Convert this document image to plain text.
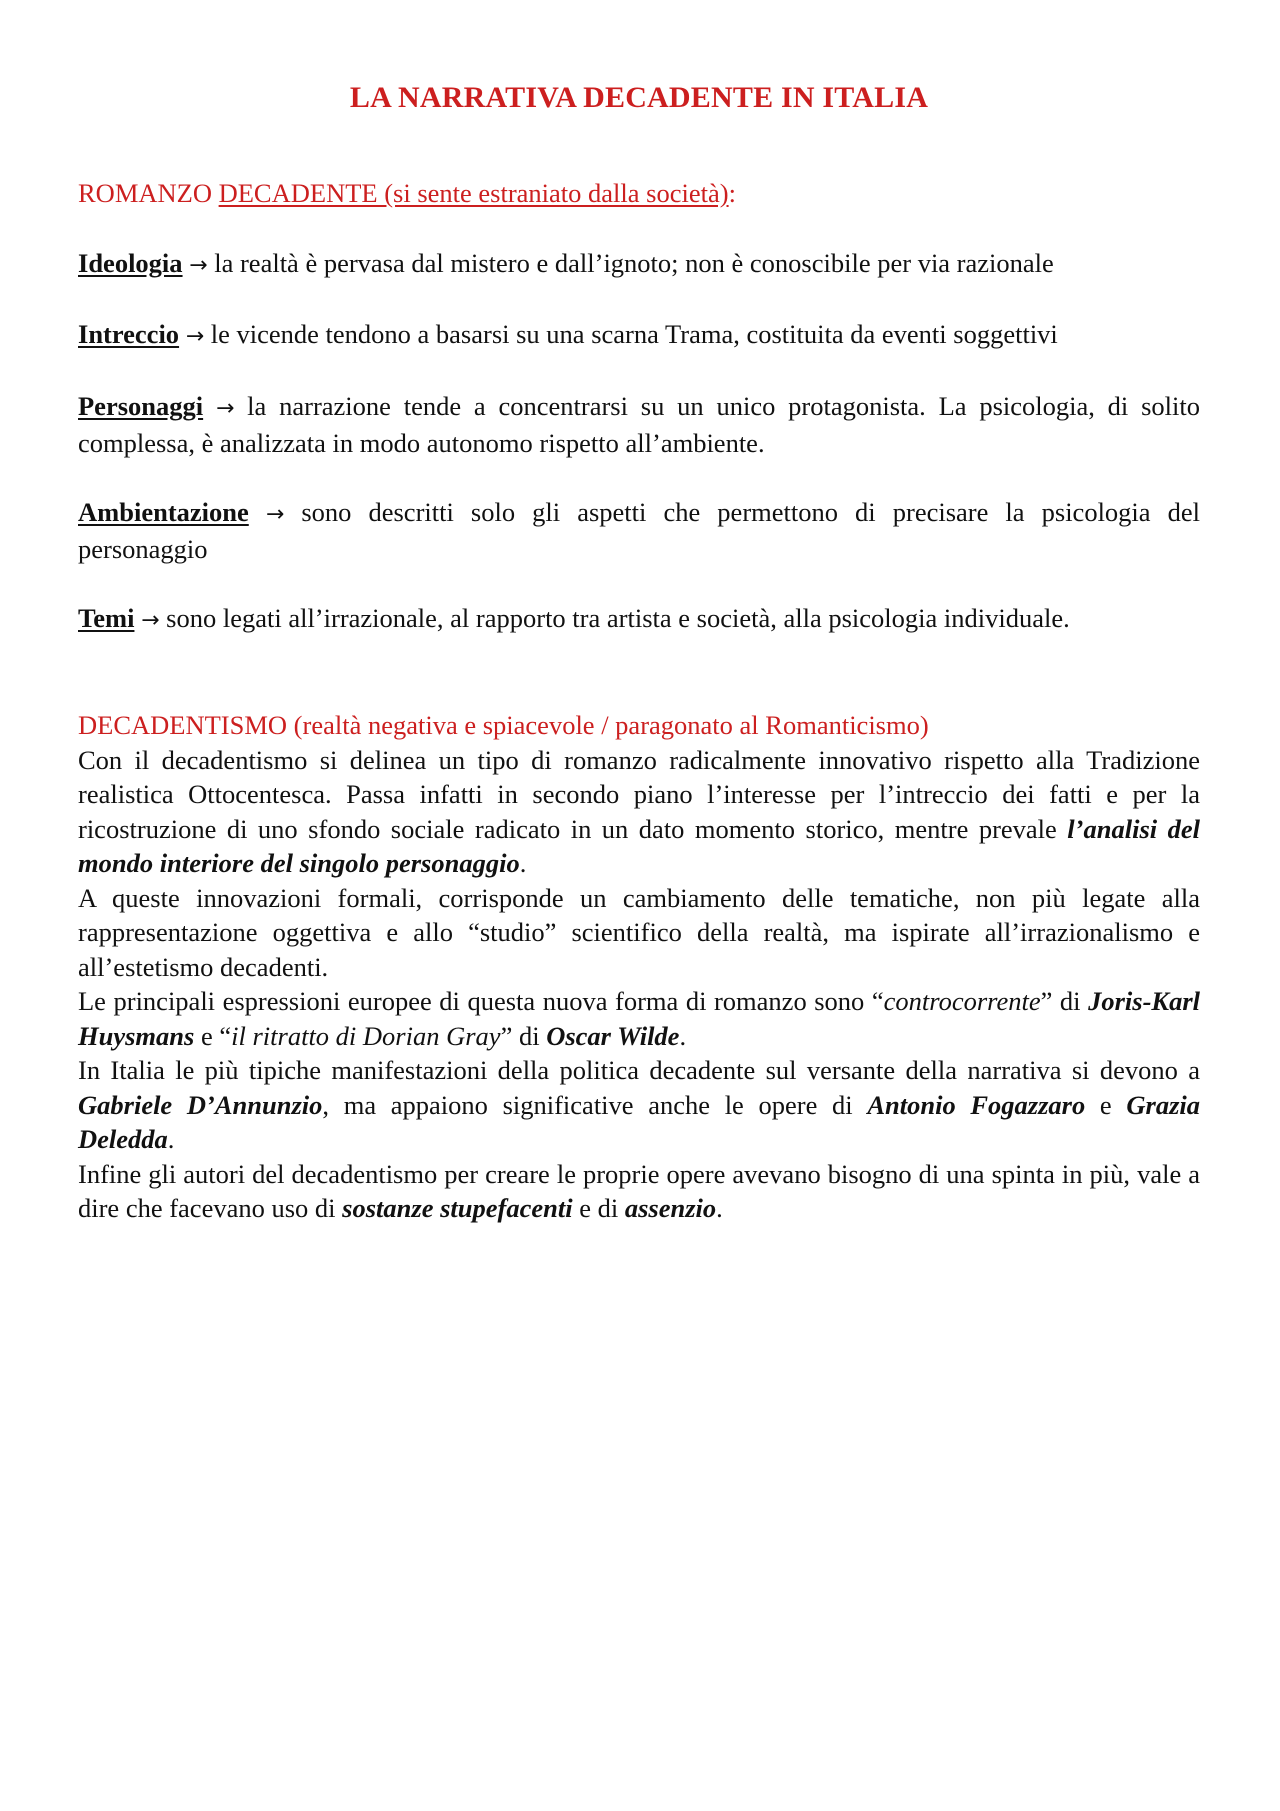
LA NARRATIVA DECADENTE IN ITALIA
ROMANZO DECADENTE (si sente estraniato dalla società):
Ideologia → la realtà è pervasa dal mistero e dall’ignoto; non è conoscibile per via razionale
Intreccio → le vicende tendono a basarsi su una scarna Trama, costituita da eventi soggettivi
Personaggi → la narrazione tende a concentrarsi su un unico protagonista. La psicologia, di solito complessa, è analizzata in modo autonomo rispetto all’ambiente.
Ambientazione → sono descritti solo gli aspetti che permettono di precisare la psicologia del personaggio
Temi → sono legati all’irrazionale, al rapporto tra artista e società, alla psicologia individuale.
DECADENTISMO (realtà negativa e spiacevole / paragonato al Romanticismo)

Con il decadentismo si delinea un tipo di romanzo radicalmente innovativo rispetto alla Tradizione realistica Ottocentesca. Passa infatti in secondo piano l’interesse per l’intreccio dei fatti e per la ricostruzione di uno sfondo sociale radicato in un dato momento storico, mentre prevale l’analisi del mondo interiore del singolo personaggio.

A queste innovazioni formali, corrisponde un cambiamento delle tematiche, non più legate alla rappresentazione oggettiva e allo “studio” scientifico della realtà, ma ispirate all’irrazionalismo e all’estetismo decadenti.

Le principali espressioni europee di questa nuova forma di romanzo sono “controcorrente” di Joris-Karl Huysmans e “il ritratto di Dorian Gray” di Oscar Wilde.

In Italia le più tipiche manifestazioni della politica decadente sul versante della narrativa si devono a Gabriele D’Annunzio, ma appaiono significative anche le opere di Antonio Fogazzaro e Grazia Deledda.

Infine gli autori del decadentismo per creare le proprie opere avevano bisogno di una spinta in più, vale a dire che facevano uso di sostanze stupefacenti e di assenzio.
